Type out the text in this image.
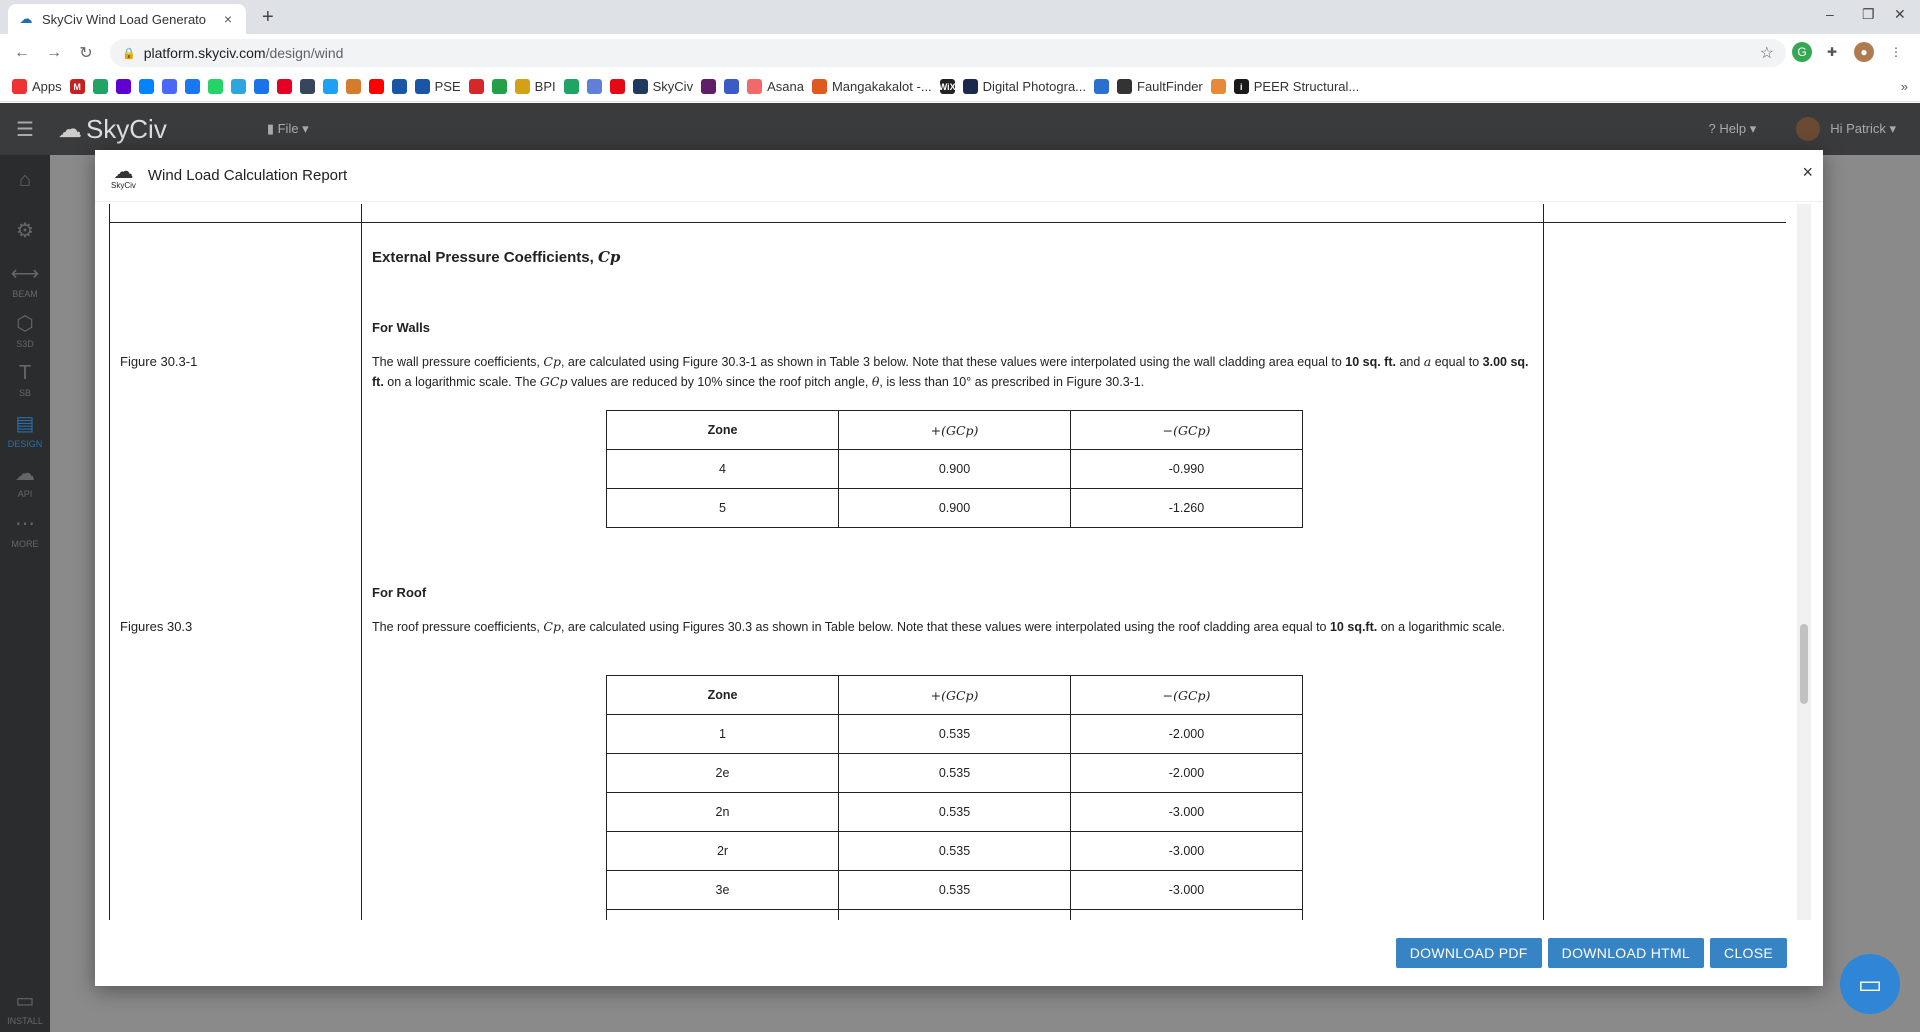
☁ SkyCiv Wind Load Generato	× +	– ❐ ✕
←	→	↻	🔒 platform.skyciv.com/design/wind	☆	G	✚	●	⋮
Apps	M	PSE	BPI	SkyCiv	Asana Mangakakalot -... WiX Digital Photogra...	FaultFinder	i PEER Structural...	»
☰ ☁ SkyCiv	▮ File ▾	? Help ▾	Hi Patrick ▾
⌂
⚙
⟷
BEAM
⬡
S3D
T
SB
▤
DESIGN
☁
API
⋯
MORE
▭
INSTALL
☁
SkyCiv
Wind Load Calculation Report	×
External Pressure Coefficients, Cp
Figure 30.3-1
For Walls
The wall pressure coefficients, Cp, are calculated using Figure 30.3-1 as shown in Table 3 below. Note that these values were interpolated using the wall cladding area equal to 10 sq. ft. and a equal to 3.00 sq. ft. on a logarithmic scale. The GCp values are reduced by 10% since the roof pitch angle, θ, is less than 10° as prescribed in Figure 30.3-1.
Zone	+(GCp)	−(GCp)
4	0.900	-0.990
5	0.900	-1.260
Figures 30.3
For Roof
The roof pressure coefficients, Cp, are calculated using Figures 30.3 as shown in Table below. Note that these values were interpolated using the roof cladding area equal to 10 sq.ft. on a logarithmic scale.
Zone	+(GCp)	−(GCp)
1	0.535	-2.000
2e	0.535	-2.000
2n	0.535	-3.000
2r	0.535	-3.000
3e	0.535	-3.000

DOWNLOAD PDF	DOWNLOAD HTML	CLOSE
▭
